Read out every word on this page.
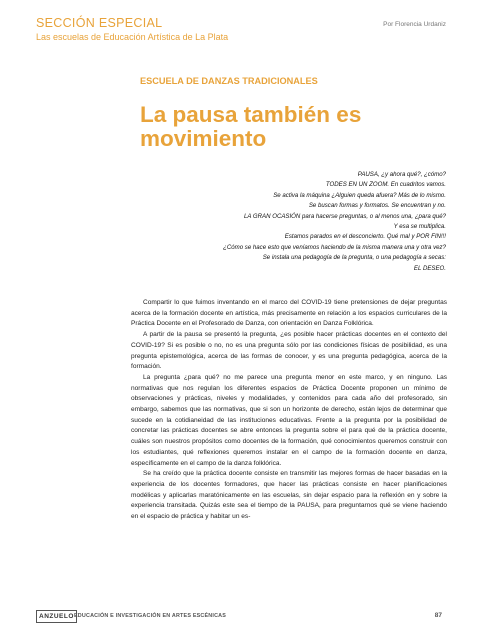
SECCIÓN ESPECIAL
Las escuelas de Educación Artística de La Plata
Por Florencia Urdaniz
ESCUELA DE DANZAS TRADICIONALES
La pausa también es movimiento
PAUSA, ¿y ahora qué?, ¿cómo?
TODES EN UN ZOOM. En cuadritos vamos.
Se activa la máquina ¿Alguien queda afuera? Más de lo mismo.
Se buscan formas y formatos. Se encuentran y no.
LA GRAN OCASIÓN para hacerse preguntas, o al menos una, ¿para qué?
Y esa se multiplica.
Estamos parados en el desconcierto. Qué mal y POR FIN!!!
¿Cómo se hace esto que veníamos haciendo de la misma manera una y otra vez?
Se instala una pedagogía de la pregunta, o una pedagogía a secas:
EL DESEO.

Compartir lo que fuimos inventando en el marco del COVID-19 tiene pretensiones de dejar preguntas acerca de la formación docente en artística, más precisamente en relación a los espacios curriculares de la Práctica Docente en el Profesorado de Danza, con orientación en Danza Folklórica.

A partir de la pausa se presentó la pregunta, ¿es posible hacer prácticas docentes en el contexto del COVID-19? Si es posible o no, no es una pregunta sólo por las condiciones físicas de posibilidad, es una pregunta epistemológica, acerca de las formas de conocer, y es una pregunta pedagógica, acerca de la formación.

La pregunta ¿para qué? no me parece una pregunta menor en este marco, y en ninguno. Las normativas que nos regulan los diferentes espacios de Práctica Docente proponen un mínimo de observaciones y prácticas, niveles y modalidades, y contenidos para cada año del profesorado, sin embargo, sabemos que las normativas, que si son un horizonte de derecho, están lejos de determinar que sucede en la cotidianeidad de las instituciones educativas. Frente a la pregunta por la posibilidad de concretar las prácticas docentes se abre entonces la pregunta sobre el para qué de la práctica docente, cuáles son nuestros propósitos como docentes de la formación, qué conocimientos queremos construir con los estudiantes, qué reflexiones queremos instalar en el campo de la formación docente en danza, específicamente en el campo de la danza folklórica.

Se ha creído que la práctica docente consiste en transmitir las mejores formas de hacer basadas en la experiencia de los docentes formadores, que hacer las prácticas consiste en hacer planificaciones modélicas y aplicarlas maratónicamente en las escuelas, sin dejar espacio para la reflexión en y sobre la experiencia transitada. Quizás este sea el tiempo de la PAUSA, para preguntarnos qué se viene haciendo en el espacio de práctica y habitar un es-

ANZUELO EDUCACIÓN E INVESTIGACIÓN EN ARTES ESCÉNICAS	87
